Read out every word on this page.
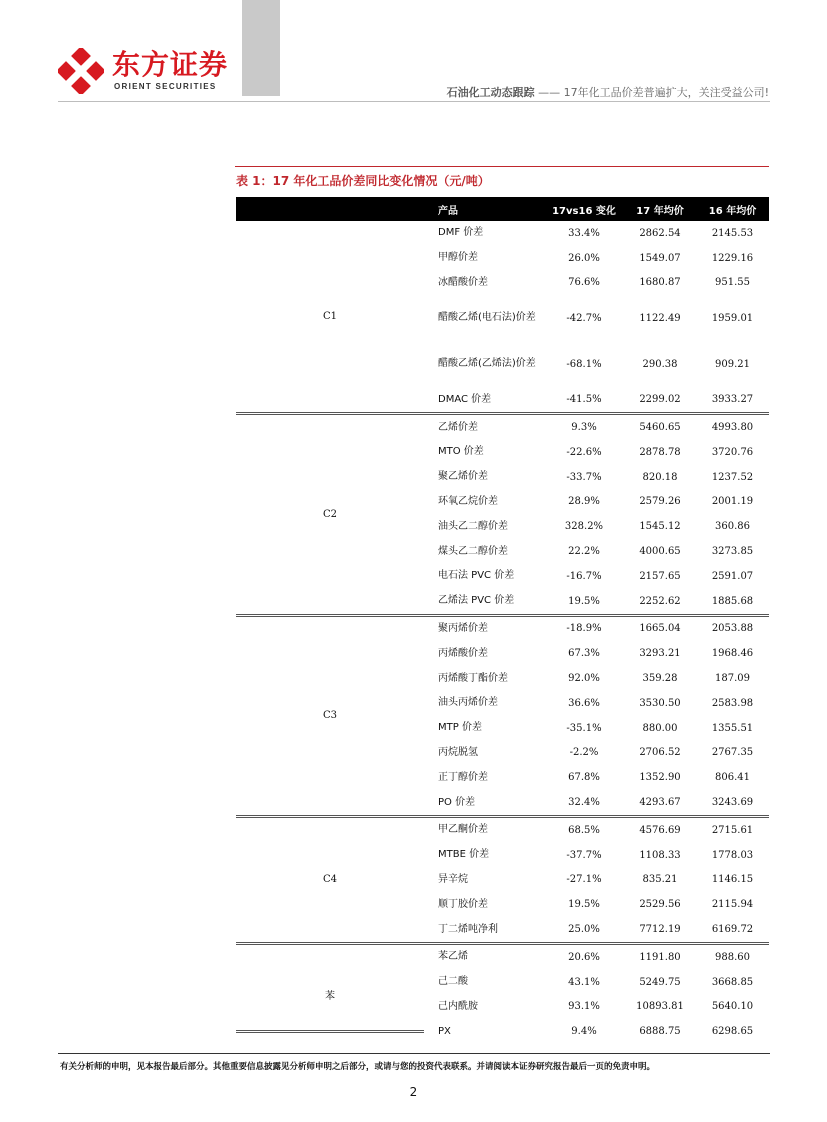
东方证券
ORIENT SECURITIES	石油化工动态跟踪 —— 17年化工品价差普遍扩大，关注受益公司!
表 1：17 年化工品价差同比变化情况（元/吨）
	产品	17vs16 变化	17 年均价	16 年均价
C1	DMF 价差	33.4%	2862.54	2145.53
	甲醇价差	26.0%	1549.07	1229.16
	冰醋酸价差	76.6%	1680.87	951.55
	醋酸乙烯(电石法)价差	-42.7%	1122.49	1959.01
	醋酸乙烯(乙烯法)价差	-68.1%	290.38	909.21
	DMAC 价差	-41.5%	2299.02	3933.27
C2	乙烯价差	9.3%	5460.65	4993.80
	MTO 价差	-22.6%	2878.78	3720.76
	聚乙烯价差	-33.7%	820.18	1237.52
	环氧乙烷价差	28.9%	2579.26	2001.19
	油头乙二醇价差	328.2%	1545.12	360.86
	煤头乙二醇价差	22.2%	4000.65	3273.85
	电石法 PVC 价差	-16.7%	2157.65	2591.07
	乙烯法 PVC 价差	19.5%	2252.62	1885.68
C3	聚丙烯价差	-18.9%	1665.04	2053.88
	丙烯酸价差	67.3%	3293.21	1968.46
	丙烯酸丁酯价差	92.0%	359.28	187.09
	油头丙烯价差	36.6%	3530.50	2583.98
	MTP 价差	-35.1%	880.00	1355.51
	丙烷脱氢	-2.2%	2706.52	2767.35
	正丁醇价差	67.8%	1352.90	806.41
	PO 价差	32.4%	4293.67	3243.69
C4	甲乙酮价差	68.5%	4576.69	2715.61
	MTBE 价差	-37.7%	1108.33	1778.03
	异辛烷	-27.1%	835.21	1146.15
	顺丁胶价差	19.5%	2529.56	2115.94
	丁二烯吨净利	25.0%	7712.19	6169.72
苯	苯乙烯	20.6%	1191.80	988.60
	己二酸	43.1%	5249.75	3668.85
	己内酰胺	93.1%	10893.81	5640.10
	PX	9.4%	6888.75	6298.65
有关分析师的申明，见本报告最后部分。其他重要信息披露见分析师申明之后部分，或请与您的投资代表联系。并请阅读本证券研究报告最后一页的免责申明。
2
